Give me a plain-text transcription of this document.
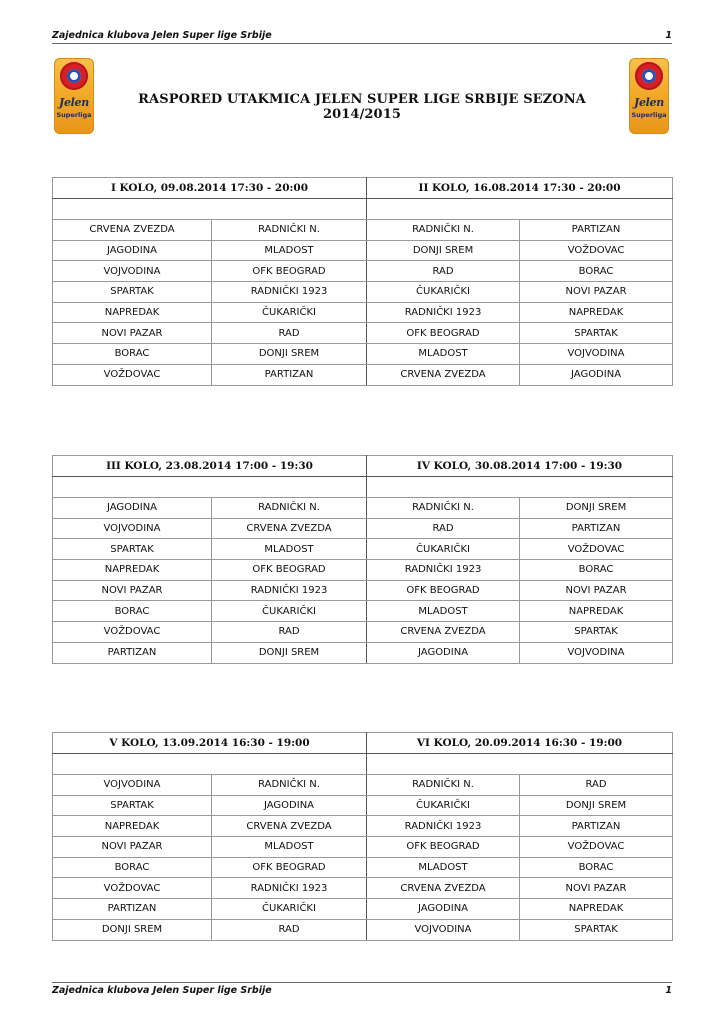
Zajednica klubova Jelen Super lige Srbije	1
Jelen
Superliga
RASPORED UTAKMICA JELEN SUPER LIGE SRBIJE SEZONA 2014/2015
Jelen
Superliga
I KOLO, 09.08.2014 17:30 - 20:00		II KOLO, 16.08.2014 17:30 - 20:00	

CRVENA ZVEZDA	RADNIČKI N.	RADNIČKI N.	PARTIZAN
JAGODINA	MLADOST	DONJI SREM	VOŽDOVAC
VOJVODINA	OFK BEOGRAD	RAD	BORAC
SPARTAK	RADNIČKI 1923	ČUKARIČKI	NOVI PAZAR
NAPREDAK	ČUKARIČKI	RADNIČKI 1923	NAPREDAK
NOVI PAZAR	RAD	OFK BEOGRAD	SPARTAK
BORAC	DONJI SREM	MLADOST	VOJVODINA
VOŽDOVAC	PARTIZAN	CRVENA ZVEZDA	JAGODINA
III KOLO, 23.08.2014 17:00 - 19:30		IV KOLO, 30.08.2014 17:00 - 19:30	

JAGODINA	RADNIČKI N.	RADNIČKI N.	DONJI SREM
VOJVODINA	CRVENA ZVEZDA	RAD	PARTIZAN
SPARTAK	MLADOST	ČUKARIČKI	VOŽDOVAC
NAPREDAK	OFK BEOGRAD	RADNIČKI 1923	BORAC
NOVI PAZAR	RADNIČKI 1923	OFK BEOGRAD	NOVI PAZAR
BORAC	ČUKARIČKI	MLADOST	NAPREDAK
VOŽDOVAC	RAD	CRVENA ZVEZDA	SPARTAK
PARTIZAN	DONJI SREM	JAGODINA	VOJVODINA
V KOLO, 13.09.2014 16:30 - 19:00		VI KOLO, 20.09.2014 16:30 - 19:00	

VOJVODINA	RADNIČKI N.	RADNIČKI N.	RAD
SPARTAK	JAGODINA	ČUKARIČKI	DONJI SREM
NAPREDAK	CRVENA ZVEZDA	RADNIČKI 1923	PARTIZAN
NOVI PAZAR	MLADOST	OFK BEOGRAD	VOŽDOVAC
BORAC	OFK BEOGRAD	MLADOST	BORAC
VOŽDOVAC	RADNIČKI 1923	CRVENA ZVEZDA	NOVI PAZAR
PARTIZAN	ČUKARIČKI	JAGODINA	NAPREDAK
DONJI SREM	RAD	VOJVODINA	SPARTAK
Zajednica klubova Jelen Super lige Srbije	1
